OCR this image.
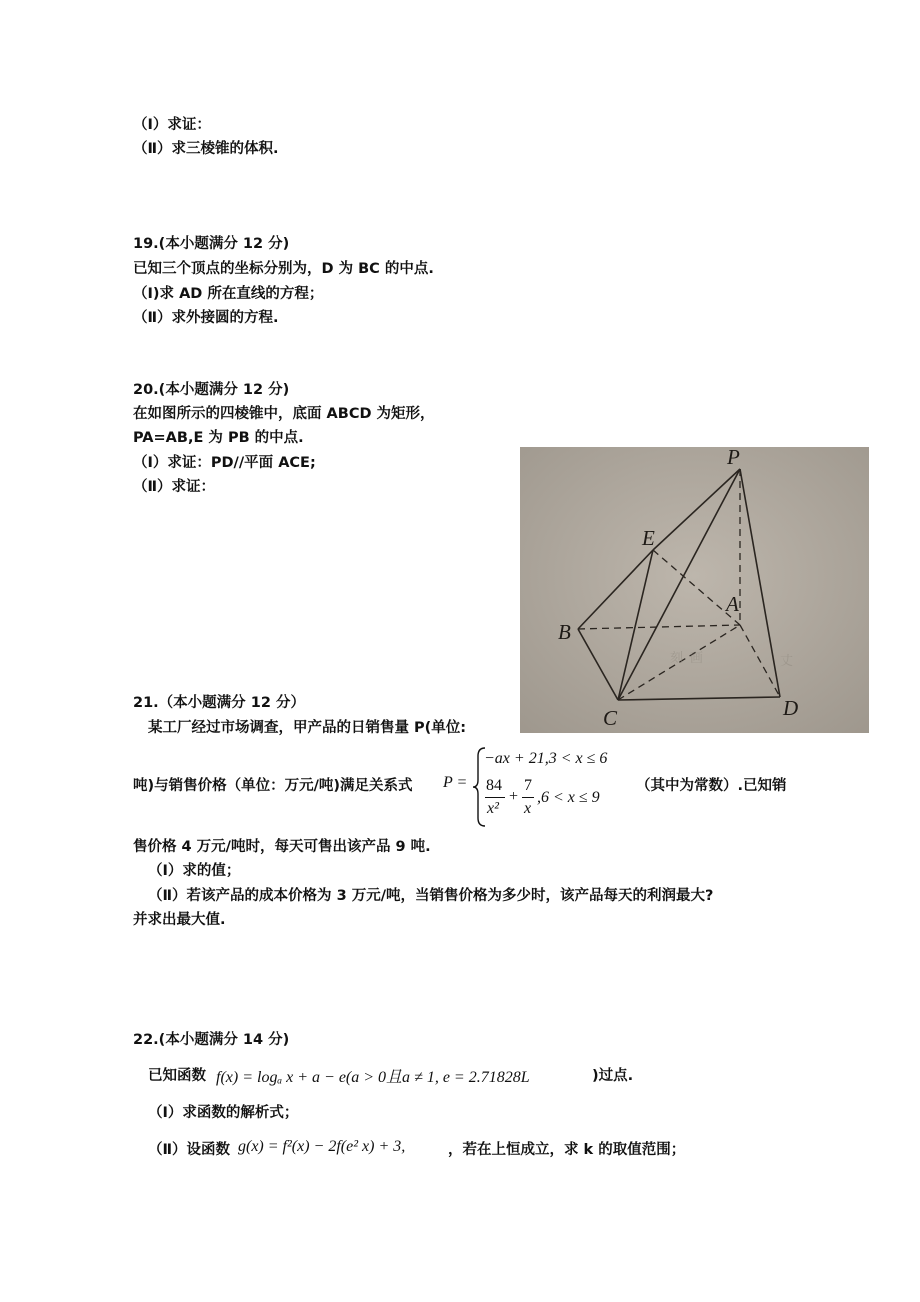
（Ⅰ）求证：
（Ⅱ）求三棱锥的体积.
19.(本小题满分 12 分)
已知三个顶点的坐标分别为，D 为 BC 的中点.
（Ⅰ)求 AD 所在直线的方程；
（Ⅱ）求外接圆的方程.
20.(本小题满分 12 分)
在如图所示的四棱锥中，底面 ABCD 为矩形，
PA=AB,E 为 PB 的中点.
（Ⅰ）求证：PD//平面 ACE;
（Ⅱ）求证：
刻 画	丈
P
E
A
B
C	D
21.（本小题满分 12 分）
某工厂经过市场调查，甲产品的日销售量 P(单位:
吨)与销售价格（单位：万元/吨)满足关系式 P =
−ax + 21,3 < x ≤ 6
84
x²
+
7
x
,6 < x ≤ 9
（其中为常数）.已知销
售价格 4 万元/吨时，每天可售出该产品 9 吨.
（Ⅰ）求的值；
（Ⅱ）若该产品的成本价格为 3 万元/吨，当销售价格为多少时，该产品每天的利润最大?
并求出最大值.
22.(本小题满分 14 分)
已知函数 f(x) = logₐ x + a − e(a > 0且a ≠ 1, e = 2.71828L	)过点.
（Ⅰ）求函数的解析式；
（Ⅱ）设函数 g(x) = f²(x) − 2f(e² x) + 3,	，若在上恒成立，求 k 的取值范围；
